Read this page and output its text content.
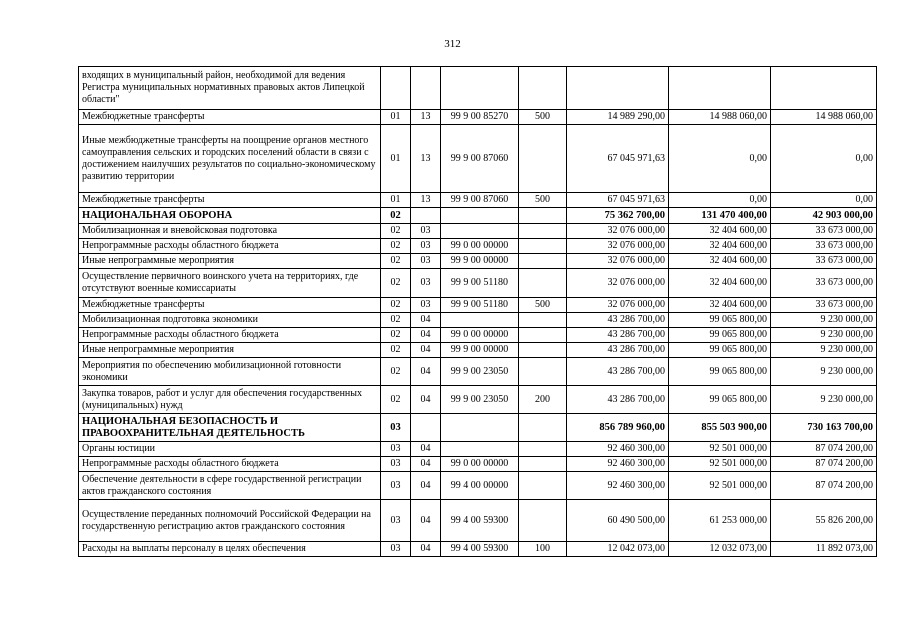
312
входящих в муниципальный район, необходимой для ведения Регистра муниципальных нормативных правовых актов Липецкой области"							
Межбюджетные трансферты	01	13	99 9 00 85270	500	14 989 290,00	14 988 060,00	14 988 060,00
Иные межбюджетные трансферты на поощрение органов местного самоуправления сельских и городских поселений области в связи с достижением наилучших результатов по социально-экономическому развитию территории	01	13	99 9 00 87060		67 045 971,63	0,00	0,00
Межбюджетные трансферты	01	13	99 9 00 87060	500	67 045 971,63	0,00	0,00
НАЦИОНАЛЬНАЯ ОБОРОНА	02				75 362 700,00	131 470 400,00	42 903 000,00
Мобилизационная и вневойсковая подготовка	02	03			32 076 000,00	32 404 600,00	33 673 000,00
Непрограммные расходы областного бюджета	02	03	99 0 00 00000		32 076 000,00	32 404 600,00	33 673 000,00
Иные непрограммные мероприятия	02	03	99 9 00 00000		32 076 000,00	32 404 600,00	33 673 000,00
Осуществление первичного воинского учета на территориях, где отсутствуют военные комиссариаты	02	03	99 9 00 51180		32 076 000,00	32 404 600,00	33 673 000,00
Межбюджетные трансферты	02	03	99 9 00 51180	500	32 076 000,00	32 404 600,00	33 673 000,00
Мобилизационная подготовка экономики	02	04			43 286 700,00	99 065 800,00	9 230 000,00
Непрограммные расходы областного бюджета	02	04	99 0 00 00000		43 286 700,00	99 065 800,00	9 230 000,00
Иные непрограммные мероприятия	02	04	99 9 00 00000		43 286 700,00	99 065 800,00	9 230 000,00
Мероприятия по обеспечению мобилизационной готовности экономики	02	04	99 9 00 23050		43 286 700,00	99 065 800,00	9 230 000,00
Закупка товаров, работ и услуг для обеспечения государственных (муниципальных) нужд	02	04	99 9 00 23050	200	43 286 700,00	99 065 800,00	9 230 000,00
НАЦИОНАЛЬНАЯ БЕЗОПАСНОСТЬ И ПРАВООХРАНИТЕЛЬНАЯ ДЕЯТЕЛЬНОСТЬ	03				856 789 960,00	855 503 900,00	730 163 700,00
Органы юстиции	03	04			92 460 300,00	92 501 000,00	87 074 200,00
Непрограммные расходы областного бюджета	03	04	99 0 00 00000		92 460 300,00	92 501 000,00	87 074 200,00
Обеспечение деятельности в сфере государственной регистрации актов гражданского состояния	03	04	99 4 00 00000		92 460 300,00	92 501 000,00	87 074 200,00
Осуществление переданных полномочий Российской Федерации на государственную регистрацию актов гражданского состояния	03	04	99 4 00 59300		60 490 500,00	61 253 000,00	55 826 200,00
Расходы на выплаты персоналу в целях обеспечения	03	04	99 4 00 59300	100	12 042 073,00	12 032 073,00	11 892 073,00
